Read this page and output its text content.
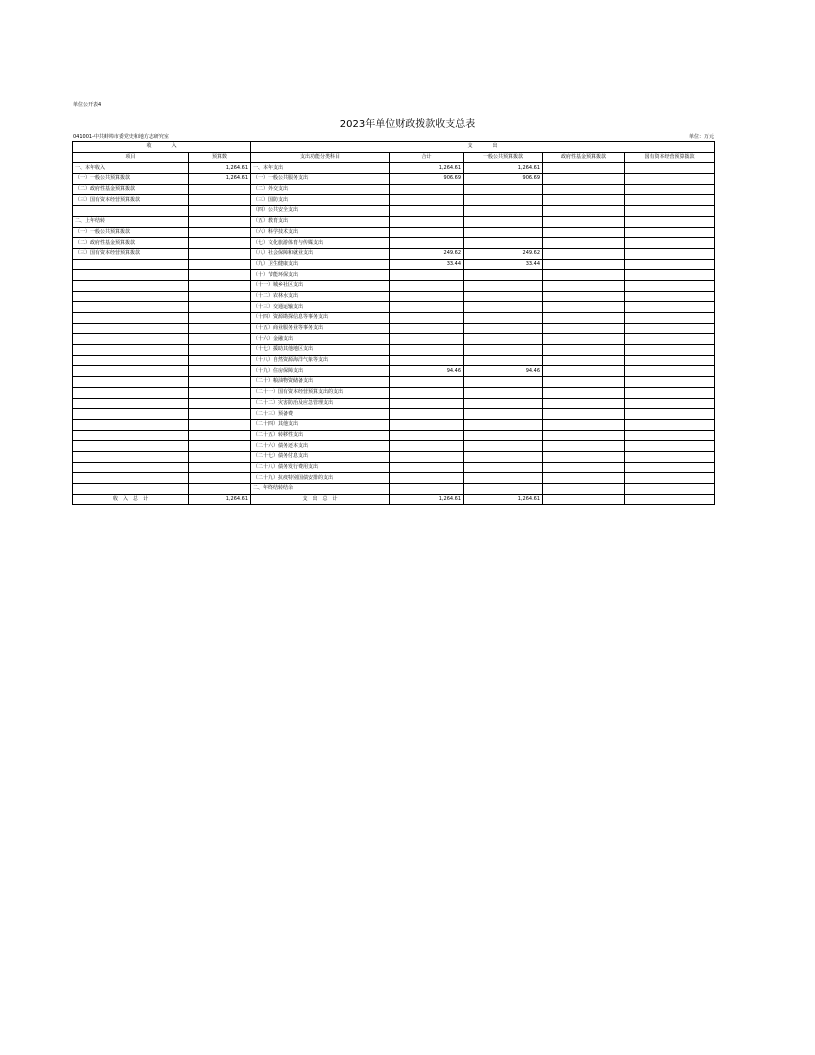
单位公开表4
2023年单位财政拨款收支总表
041001-中共蚌埠市委党史和地方志研究室	单位：万元
收　　　　入		支　　　　出				
项目	预算数	支出功能分类科目	合计	一般公共预算拨款	政府性基金预算拨款	国有资本经营预算拨款
一、本年收入	1,264.61	一、本年支出	1,264.61	1,264.61		
（一）一般公共预算拨款	1,264.61	（一）一般公共服务支出	906.69	906.69		
（二）政府性基金预算拨款		（二）外交支出				
（三）国有资本经营预算拨款		（三）国防支出				
		（四）公共安全支出				
二、上年结转		（五）教育支出				
（一）一般公共预算拨款		（六）科学技术支出				
（二）政府性基金预算拨款		（七）文化旅游体育与传媒支出				
（三）国有资本经营预算拨款		（八）社会保障和就业支出	249.62	249.62		
		（九）卫生健康支出	33.44	33.44		
		（十）节能环保支出				
		（十一）城乡社区支出				
		（十二）农林水支出				
		（十三）交通运输支出				
		（十四）资源勘探信息等事务支出				
		（十五）商业服务业等事务支出				
		（十六）金融支出				
		（十七）援助其他地区支出				
		（十八）自然资源海洋气象等支出				
		（十九）住房保障支出	94.46	94.46		
		（二十）粮油物资储备支出				
		（二十一）国有资本经营预算支出的支出				
		（二十二）灾害防治及应急管理支出				
		（二十三）预备费				
		（二十四）其他支出				
		（二十五）转移性支出				
		（二十六）债务还本支出				
		（二十七）债务付息支出				
		（二十八）债务发行费用支出				
		（二十九）抗疫特别国债安排的支出				
		二、年终结转结余				
收　入　总　计	1,264.61	支　出　总　计	1,264.61	1,264.61		
